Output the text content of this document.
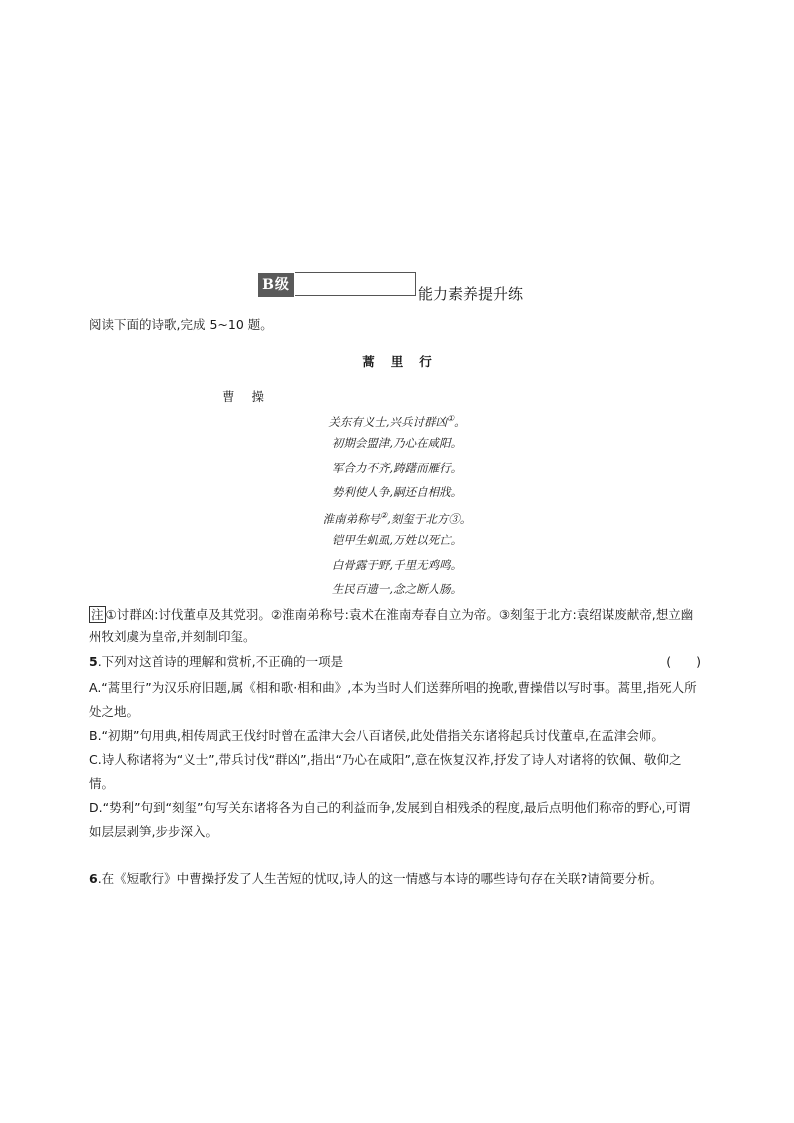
B级	能力素养提升练
阅读下面的诗歌,完成 5~10 题。
蒿里行
曹操
关东有义士,兴兵讨群凶①。
初期会盟津,乃心在咸阳。
军合力不齐,踌躇而雁行。
势利使人争,嗣还自相戕。
淮南弟称号②,刻玺于北方③。
铠甲生虮虱,万姓以死亡。
白骨露于野,千里无鸡鸣。
生民百遗一,念之断人肠。
注 ①讨群凶:讨伐董卓及其党羽。②淮南弟称号:袁术在淮南寿春自立为帝。③刻玺于北方:袁绍谋废献帝,想立幽州牧刘虞为皇帝,并刻制印玺。
5.下列对这首诗的理解和赏析,不正确的一项是	(　　)
A.“蒿里行”为汉乐府旧题,属《相和歌·相和曲》,本为当时人们送葬所唱的挽歌,曹操借以写时事。蒿里,指死人所处之地。
B.“初期”句用典,相传周武王伐纣时曾在孟津大会八百诸侯,此处借指关东诸将起兵讨伐董卓,在孟津会师。
C.诗人称诸将为“义士”,带兵讨伐“群凶”,指出“乃心在咸阳”,意在恢复汉祚,抒发了诗人对诸将的钦佩、敬仰之情。
D.“势利”句到“刻玺”句写关东诸将各为自己的利益而争,发展到自相残杀的程度,最后点明他们称帝的野心,可谓如层层剥笋,步步深入。
6.在《短歌行》中曹操抒发了人生苦短的忧叹,诗人的这一情感与本诗的哪些诗句存在关联?请简要分析。
